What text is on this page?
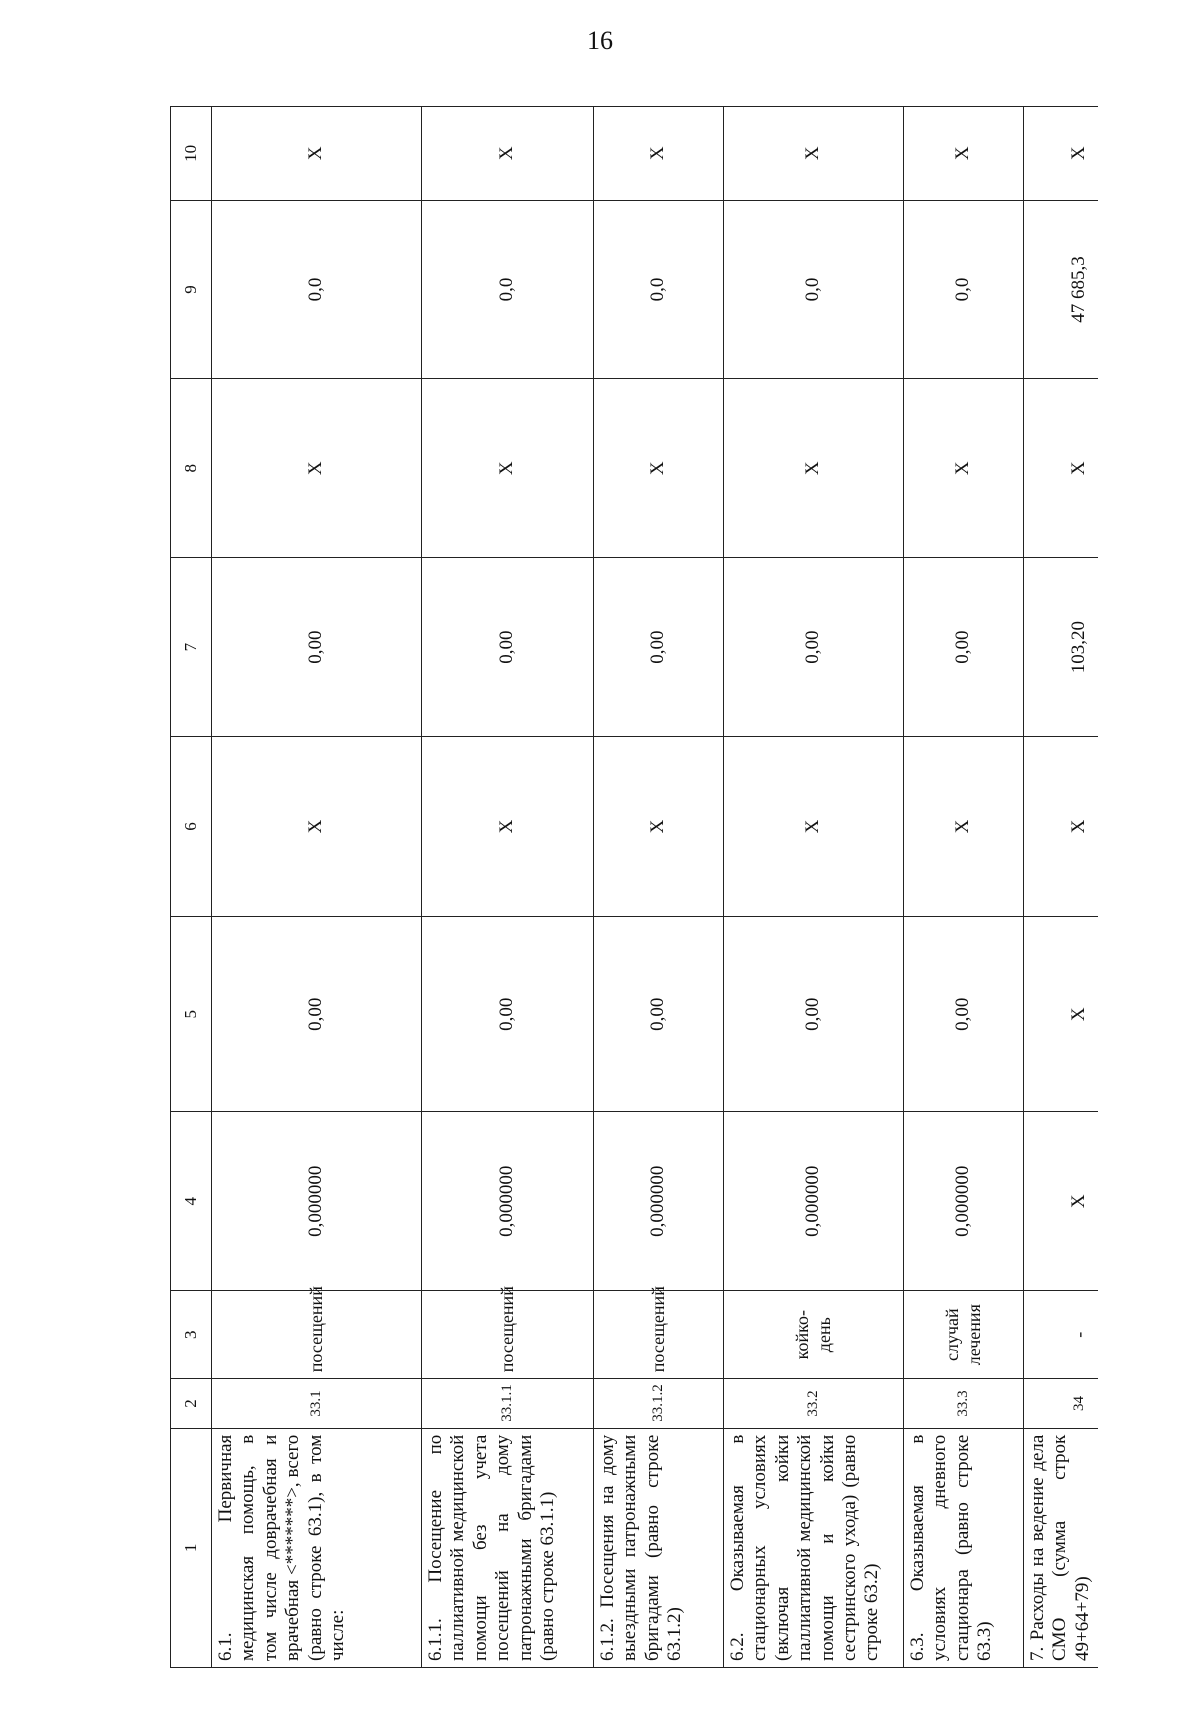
16
1	2	3	4	5	6	7	8	9	10
6.1. Первичная медицинская помощь, в том числе доврачебная и врачебная <*******>, всего (равно строке 63.1), в том числе:	33.1	посещений	0,000000	0,00	X	0,00	X	0,0	X
6.1.1. Посещение по паллиативной медицинской помощи без учета посещений на дому патронажными бригадами (равно строке 63.1.1)	33.1.1	посещений	0,000000	0,00	X	0,00	X	0,0	X
6.1.2. Посещения на дому выездными патронажными бригадами (равно строке 63.1.2)	33.1.2	посещений	0,000000	0,00	X	0,00	X	0,0	X
6.2. Оказываемая в стационарных условиях (включая койки паллиативной медицинской помощи и койки сестринского ухода) (равно строке 63.2)	33.2	койко-день	0,000000	0,00	X	0,00	X	0,0	X
6.3. Оказываемая в условиях дневного стационара (равно строке 63.3)	33.3	случай лечения	0,000000	0,00	X	0,00	X	0,0	X
7. Расходы на ведение дела СМО (сумма строк 49+64+79)	34	-	X	X	X	103,20	X	47 685,3	X
